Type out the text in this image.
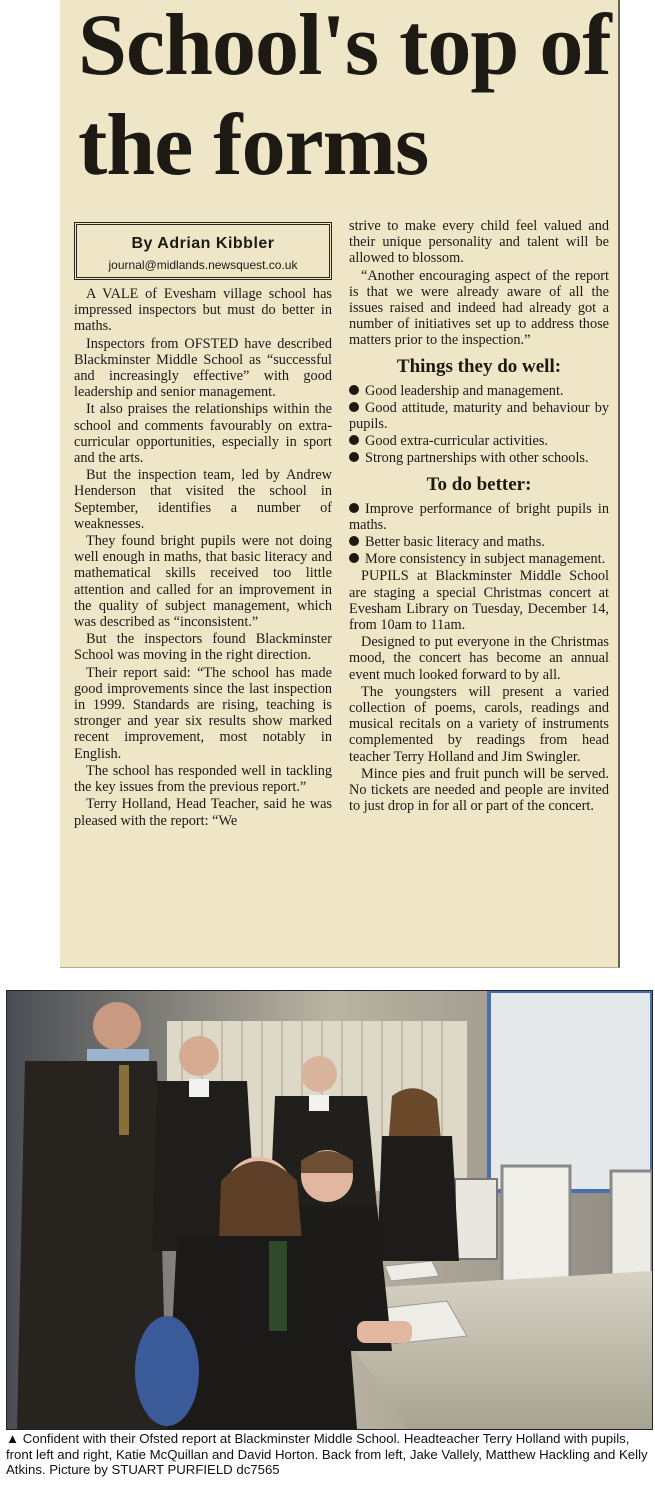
School's top of the forms
By Adrian Kibbler
journal@midlands.newsquest.co.uk

A VALE of Evesham village school has impressed inspectors but must do better in maths.

Inspectors from OFSTED have described Blackminster Middle School as “successful and increasingly effective” with good leadership and senior management.

It also praises the relationships within the school and comments favourably on extra-curricular opportunities, especially in sport and the arts.

But the inspection team, led by Andrew Henderson that visited the school in September, identifies a number of weaknesses.

They found bright pupils were not doing well enough in maths, that basic literacy and mathematical skills received too little attention and called for an improvement in the quality of subject management, which was described as “inconsistent.”

But the inspectors found Blackminster School was moving in the right direction.

Their report said: “The school has made good improvements since the last inspection in 1999. Standards are rising, teaching is stronger and year six results show marked recent improvement, most notably in English.

The school has responded well in tackling the key issues from the previous report.”

Terry Holland, Head Teacher, said he was pleased with the report: “We

strive to make every child feel valued and their unique personality and talent will be allowed to blossom.

“Another encouraging aspect of the report is that we were already aware of all the issues raised and indeed had already got a number of initiatives set up to address those matters prior to the inspection.”

Things they do well:
Good leadership and management.
Good attitude, maturity and behaviour by pupils.
Good extra-curricular activities.
Strong partnerships with other schools.
To do better:
Improve performance of bright pupils in maths.
Better basic literacy and maths.
More consistency in subject management.

PUPILS at Blackminster Middle School are staging a special Christmas concert at Evesham Library on Tuesday, December 14, from 10am to 11am.

Designed to put everyone in the Christmas mood, the concert has become an annual event much looked forward to by all.

The youngsters will present a varied collection of poems, carols, readings and musical recitals on a variety of instruments complemented by readings from head teacher Terry Holland and Jim Swingler.

Mince pies and fruit punch will be served. No tickets are needed and people are invited to just drop in for all or part of the concert.

▲ Confident with their Ofsted report at Blackminster Middle School. Headteacher Terry Holland with pupils, front left and right, Katie McQuillan and David Horton. Back from left, Jake Vallely, Matthew Hackling and Kelly Atkins. Picture by STUART PURFIELD dc7565
